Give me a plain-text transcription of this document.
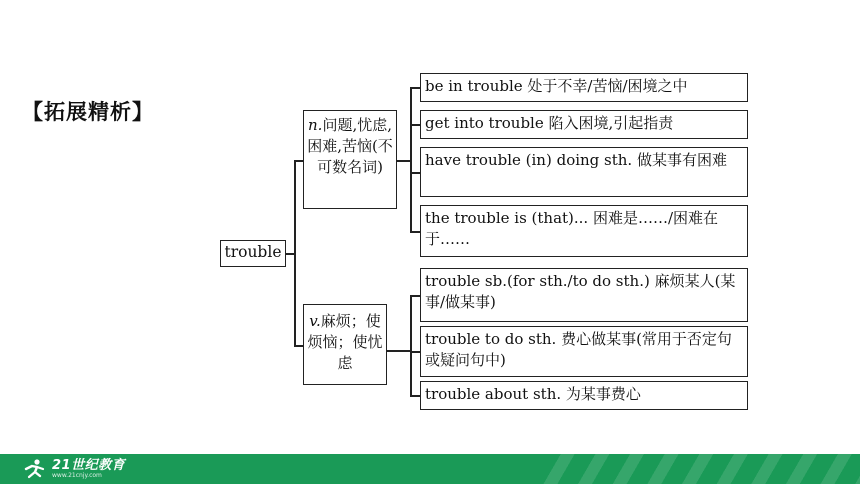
【拓展精析】
trouble
n.问题,忧虑,困难,苦恼(不可数名词)
v.麻烦；使烦恼；使忧虑
be in trouble 处于不幸/苦恼/困境之中
get into trouble 陷入困境,引起指责
have trouble (in) doing sth. 做某事有困难
the trouble is (that)... 困难是……/困难在于……
trouble sb.(for sth./to do sth.) 麻烦某人(某事/做某事)
trouble to do sth. 费心做某事(常用于否定句或疑问句中)
trouble about sth. 为某事费心
21世纪教育
www.21cnjy.com
